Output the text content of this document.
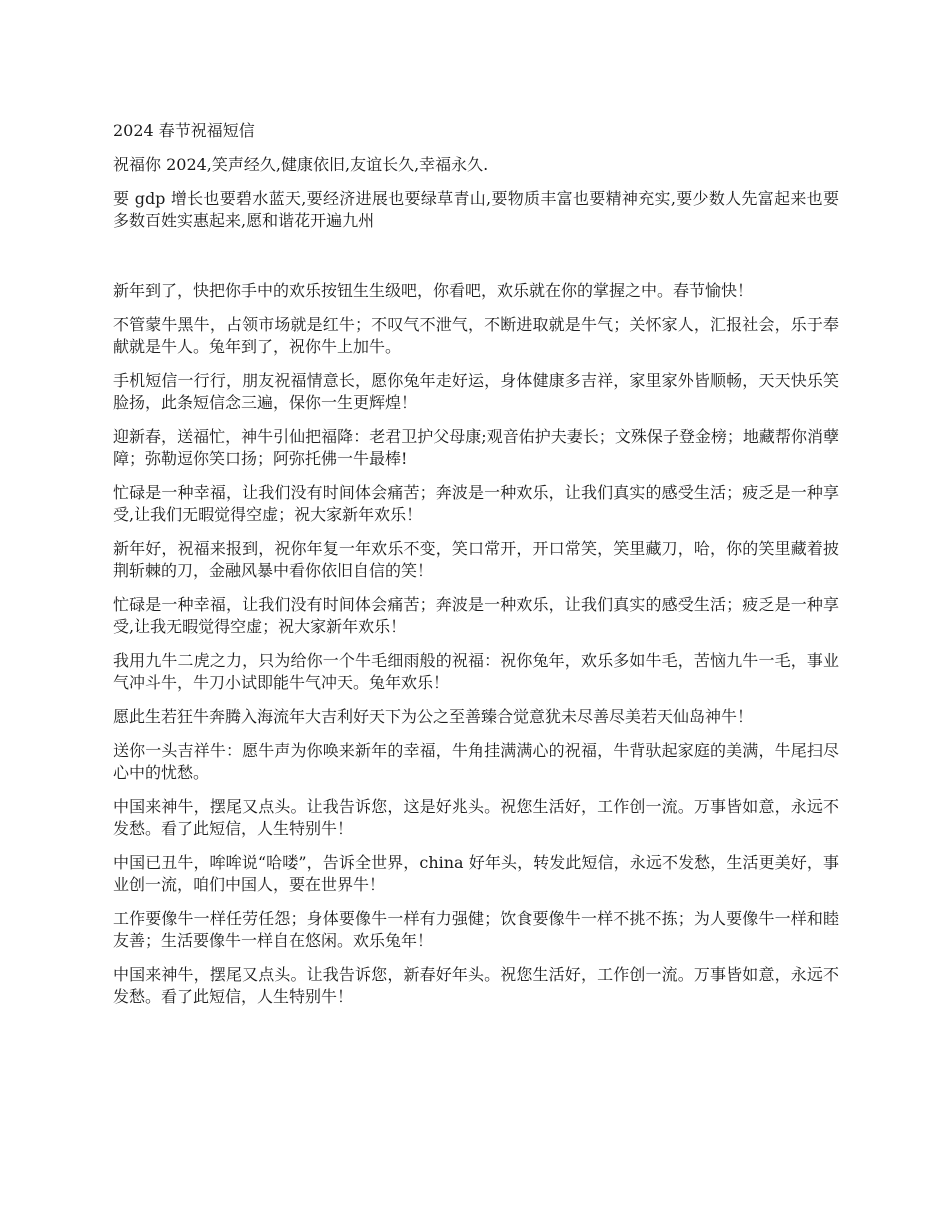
2024 春节祝福短信

祝福你 2024,笑声经久,健康依旧,友谊长久,幸福永久.

要 gdp 增长也要碧水蓝天,要经济进展也要绿草青山,要物质丰富也要精神充实,要少数人先富起来也要多数百姓实惠起来,愿和谐花开遍九州

新年到了，快把你手中的欢乐按钮生生级吧，你看吧，欢乐就在你的掌握之中。春节愉快！

不管蒙牛黑牛，占领市场就是红牛；不叹气不泄气，不断进取就是牛气；关怀家人，汇报社会，乐于奉献就是牛人。兔年到了，祝你牛上加牛。

手机短信一行行，朋友祝福情意长，愿你兔年走好运，身体健康多吉祥，家里家外皆顺畅，天天快乐笑脸扬，此条短信念三遍，保你一生更辉煌！

迎新春，送福忙，神牛引仙把福降：老君卫护父母康;观音佑护夫妻长；文殊保子登金榜；地藏帮你消孽障；弥勒逗你笑口扬；阿弥托佛一牛最棒!

忙碌是一种幸福，让我们没有时间体会痛苦；奔波是一种欢乐，让我们真实的感受生活；疲乏是一种享受,让我们无暇觉得空虚；祝大家新年欢乐！

新年好，祝福来报到，祝你年复一年欢乐不变，笑口常开，开口常笑，笑里藏刀，哈，你的笑里藏着披荆斩棘的刀，金融风暴中看你依旧自信的笑！

忙碌是一种幸福，让我们没有时间体会痛苦；奔波是一种欢乐，让我们真实的感受生活；疲乏是一种享受,让我无暇觉得空虚；祝大家新年欢乐！

我用九牛二虎之力，只为给你一个牛毛细雨般的祝福：祝你兔年，欢乐多如牛毛，苦恼九牛一毛，事业气冲斗牛，牛刀小试即能牛气冲天。兔年欢乐！

愿此生若狂牛奔腾入海流年大吉利好天下为公之至善臻合觉意犹未尽善尽美若天仙岛神牛！

送你一头吉祥牛：愿牛声为你唤来新年的幸福，牛角挂满满心的祝福，牛背驮起家庭的美满，牛尾扫尽心中的忧愁。

中国来神牛，摆尾又点头。让我告诉您，这是好兆头。祝您生活好，工作创一流。万事皆如意，永远不发愁。看了此短信，人生特别牛！

中国已丑牛，哞哞说“哈喽”，告诉全世界，china 好年头，转发此短信，永远不发愁，生活更美好，事业创一流，咱们中国人，要在世界牛！

工作要像牛一样任劳任怨；身体要像牛一样有力强健；饮食要像牛一样不挑不拣；为人要像牛一样和睦友善；生活要像牛一样自在悠闲。欢乐兔年！

中国来神牛，摆尾又点头。让我告诉您，新春好年头。祝您生活好，工作创一流。万事皆如意，永远不发愁。看了此短信，人生特别牛！
